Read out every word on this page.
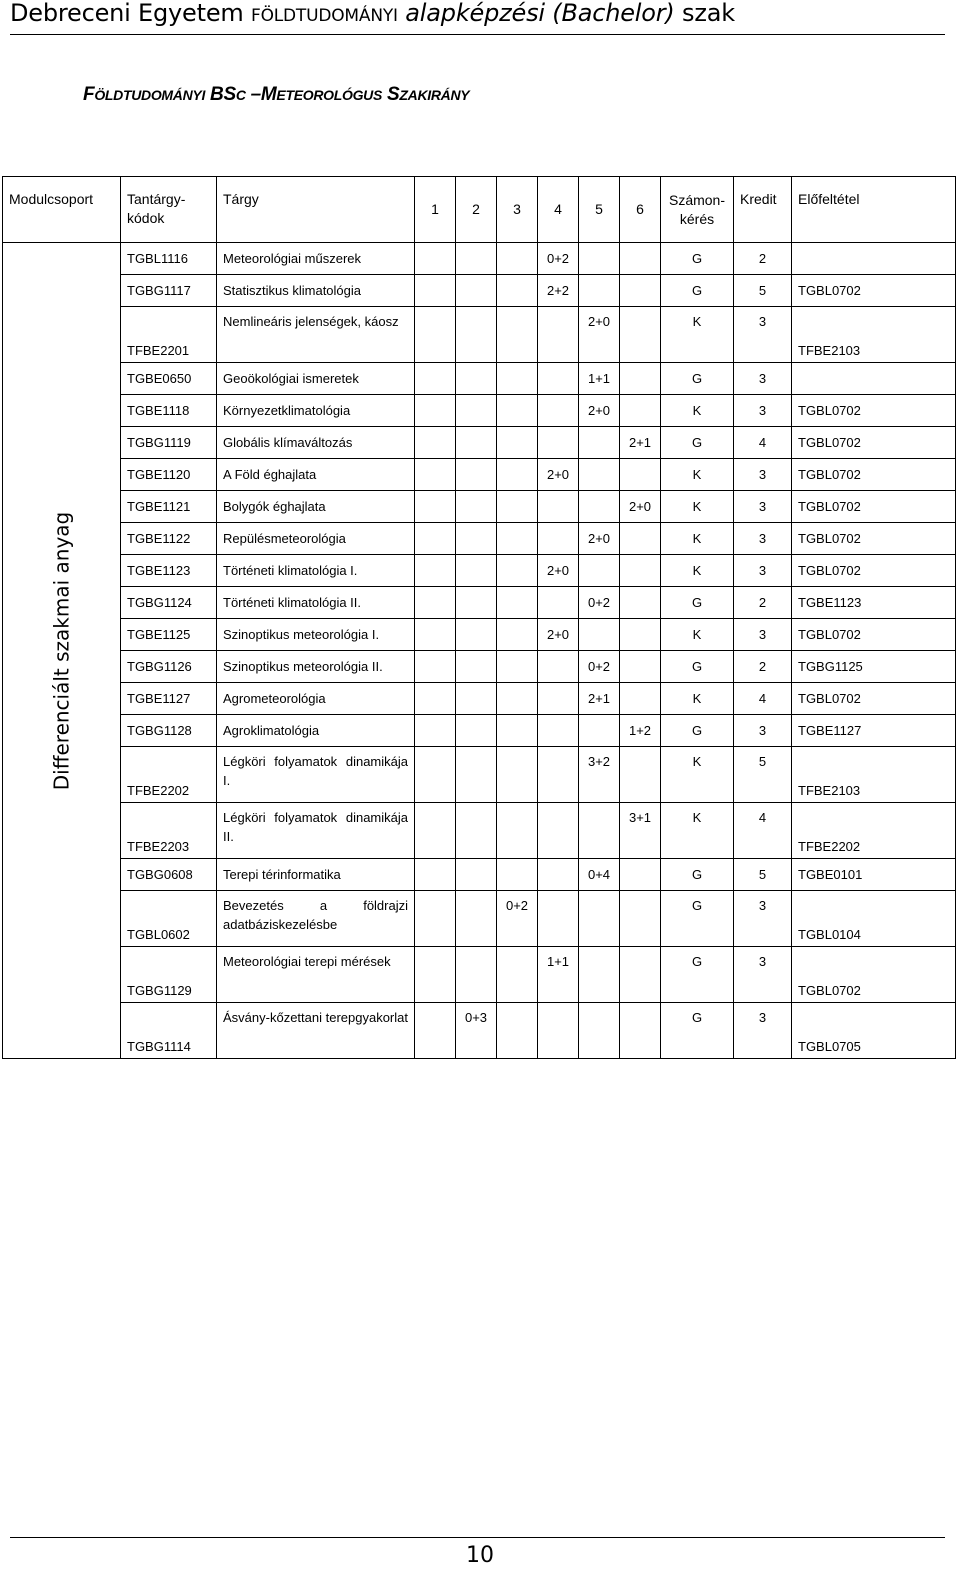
Debreceni Egyetem FÖLDTUDOMÁNYI alapképzési (Bachelor) szak
FÖLDTUDOMÁNYI BSC –METEOROLÓGUS SZAKIRÁNY
Modulcsoport	Tantárgy-kódok	Tárgy	1	2	3	4	5	6	Számon-kérés	Kredit	Előfeltétel

Differenciált szakmai anyag	TGBL1116	Meteorológiai műszerek				0+2			G	2	
	TGBG1117	Statisztikus klimatológia				2+2			G	5	TGBL0702
	TFBE2201	Nemlineáris jelenségek, káosz					2+0		K	3	TFBE2103
	TGBE0650	Geoökológiai ismeretek					1+1		G	3	
	TGBE1118	Környezetklimatológia					2+0		K	3	TGBL0702
	TGBG1119	Globális klímaváltozás						2+1	G	4	TGBL0702
	TGBE1120	A Föld éghajlata				2+0			K	3	TGBL0702
	TGBE1121	Bolygók éghajlata						2+0	K	3	TGBL0702
	TGBE1122	Repülésmeteorológia					2+0		K	3	TGBL0702
	TGBE1123	Történeti klimatológia I.				2+0			K	3	TGBL0702
	TGBG1124	Történeti klimatológia II.					0+2		G	2	TGBE1123
	TGBE1125	Szinoptikus meteorológia I.				2+0			K	3	TGBL0702
	TGBG1126	Szinoptikus meteorológia II.					0+2		G	2	TGBG1125
	TGBE1127	Agrometeorológia					2+1		K	4	TGBL0702
	TGBG1128	Agroklimatológia						1+2	G	3	TGBE1127
	TFBE2202	Légköri folyamatok dinamikája I.					3+2		K	5	TFBE2103
	TFBE2203	Légköri folyamatok dinamikája II.						3+1	K	4	TFBE2202
	TGBG0608	Terepi térinformatika					0+4		G	5	TGBE0101
	TGBL0602	Bevezetés a földrajzi adatbáziskezelésbe			0+2				G	3	TGBL0104
	TGBG1129	Meteorológiai terepi mérések				1+1			G	3	TGBL0702
	TGBG1114	Ásvány-kőzettani terepgyakorlat		0+3					G	3	TGBL0705
10
